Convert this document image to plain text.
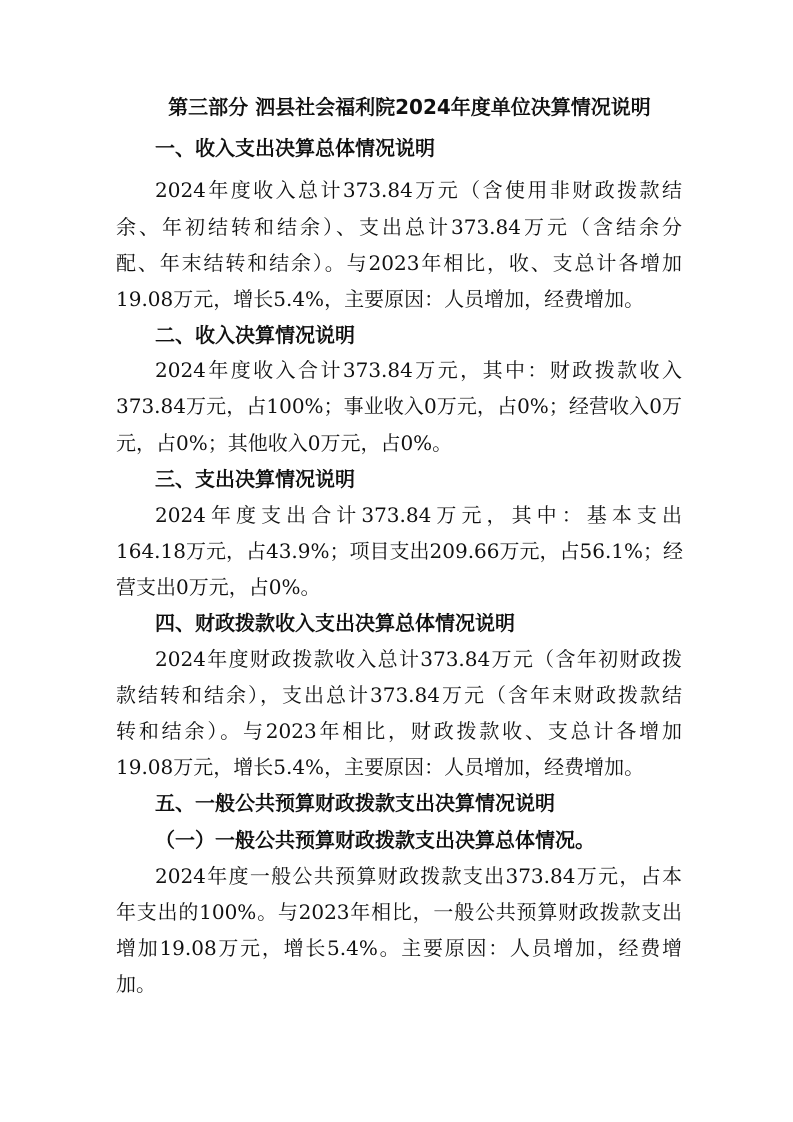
第三部分 泗县社会福利院2024年度单位决算情况说明

一、收入支出决算总体情况说明

2024年度收入总计373.84万元（含使用非财政拨款结

余、年初结转和结余）、支出总计373.84万元（含结余分

配、年末结转和结余）。与2023年相比，收、支总计各增加

19.08万元，增长5.4%，主要原因：人员增加，经费增加。

二、收入决算情况说明

2024年度收入合计373.84万元，其中：财政拨款收入

373.84万元，占100%；事业收入0万元，占0%；经营收入0万

元，占0%；其他收入0万元，占0%。

三、支出决算情况说明

2024年度支出合计373.84万元，其中：基本支出

164.18万元，占43.9%；项目支出209.66万元，占56.1%；经

营支出0万元，占0%。

四、财政拨款收入支出决算总体情况说明

2024年度财政拨款收入总计373.84万元（含年初财政拨

款结转和结余），支出总计373.84万元（含年末财政拨款结

转和结余）。与2023年相比，财政拨款收、支总计各增加

19.08万元，增长5.4%，主要原因：人员增加，经费增加。

五、一般公共预算财政拨款支出决算情况说明

（一）一般公共预算财政拨款支出决算总体情况。

2024年度一般公共预算财政拨款支出373.84万元，占本

年支出的100%。与2023年相比，一般公共预算财政拨款支出

增加19.08万元，增长5.4%。主要原因：人员增加，经费增

加。
